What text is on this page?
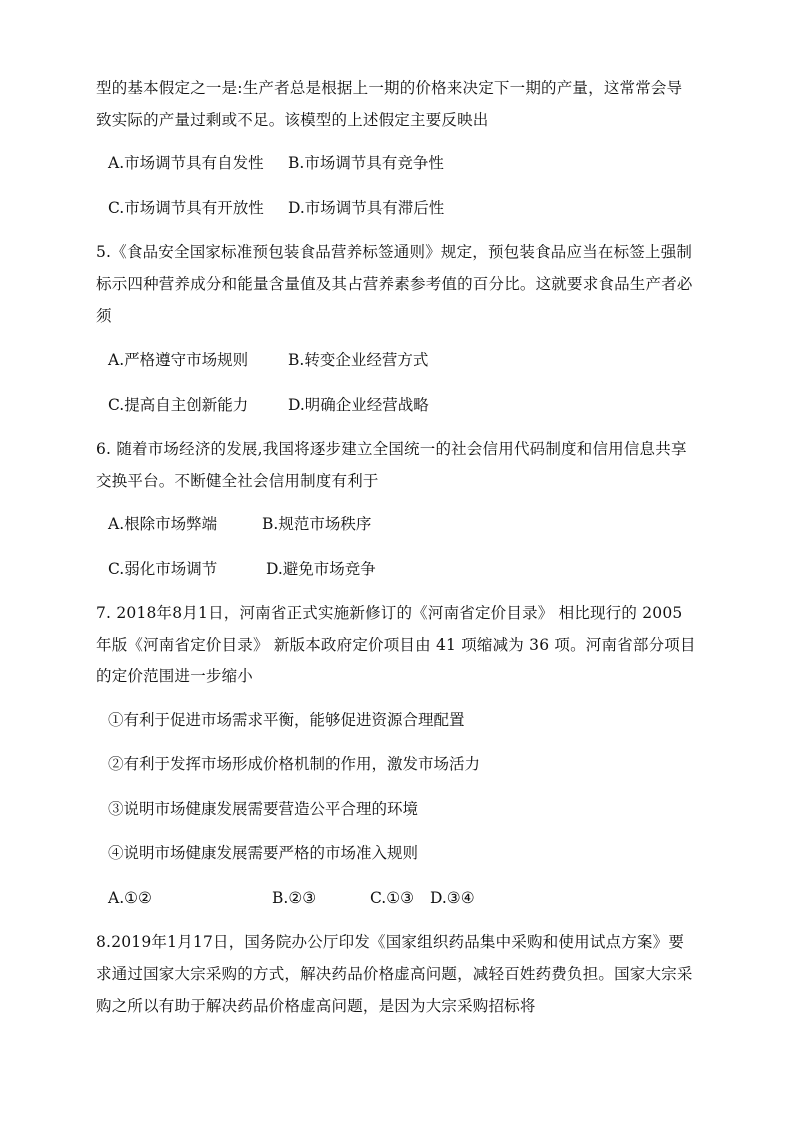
型的基本假定之一是:生产者总是根据上一期的价格来决定下一期的产量，这常常会导
致实际的产量过剩或不足。该模型的上述假定主要反映出
A.市场调节具有自发性 B.市场调节具有竞争性
C.市场调节具有开放性 D.市场调节具有滞后性
5.《食品安全国家标准预包装食品营养标签通则》规定，预包装食品应当在标签上强制
标示四种营养成分和能量含量值及其占营养素参考值的百分比。这就要求食品生产者必
须
A.严格遵守市场规则	B.转变企业经营方式
C.提高自主创新能力	D.明确企业经营战略
6. 随着市场经济的发展,我国将逐步建立全国统一的社会信用代码制度和信用信息共享
交换平台。不断健全社会信用制度有利于
A.根除市场弊端	B.规范市场秩序
C.弱化市场调节	D.避免市场竞争
7. 2018年8月1日，河南省正式实施新修订的《河南省定价目录》 相比现行的 2005
年版《河南省定价目录》 新版本政府定价项目由 41 项缩减为 36 项。河南省部分项目
的定价范围进一步缩小
①有利于促进市场需求平衡，能够促进资源合理配置
②有利于发挥市场形成价格机制的作用，激发市场活力
③说明市场健康发展需要营造公平合理的环境
④说明市场健康发展需要严格的市场准入规则
A.①②	B.②③	C.①③ D.③④
8.2019年1月17日，国务院办公厅印发《国家组织药品集中采购和使用试点方案》要
求通过国家大宗采购的方式，解决药品价格虚高问题，减轻百姓药费负担。国家大宗采
购之所以有助于解决药品价格虚高问题，是因为大宗采购招标将
